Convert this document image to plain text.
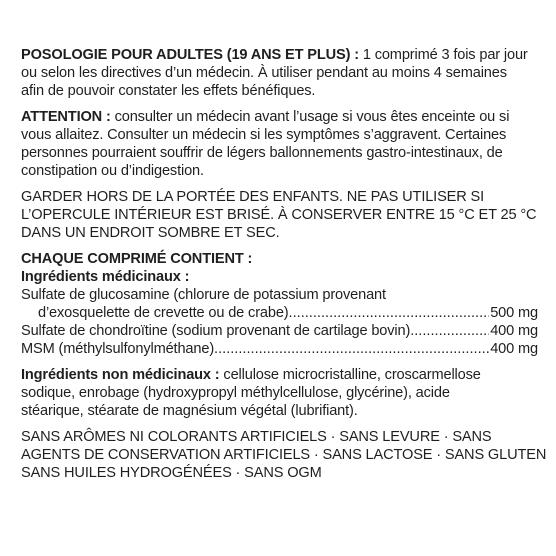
POSOLOGIE POUR ADULTES (19 ANS ET PLUS) : 1 comprimé 3 fois par jour
ou selon les directives d’un médecin. À utiliser pendant au moins 4 semaines
afin de pouvoir constater les effets bénéfiques.
ATTENTION : consulter un médecin avant l’usage si vous êtes enceinte ou si
vous allaitez. Consulter un médecin si les symptômes s’aggravent. Certaines
personnes pourraient souffrir de légers ballonnements gastro-intestinaux, de
constipation ou d’indigestion.
GARDER HORS DE LA PORTÉE DES ENFANTS. NE PAS UTILISER SI
L’OPERCULE INTÉRIEUR EST BRISÉ. À CONSERVER ENTRE 15 °C ET 25 °C
DANS UN ENDROIT SOMBRE ET SEC.
CHAQUE COMPRIMÉ CONTIENT :
Ingrédients médicinaux :
Sulfate de glucosamine (chlorure de potassium provenant
d’exosquelette de crevette ou de crabe) .....	500 mg
Sulfate de chondroïtine (sodium provenant de cartilage bovin) .....	400 mg
MSM (méthylsulfonylméthane) .....	400 mg
Ingrédients non médicinaux : cellulose microcristalline, croscarmellose
sodique, enrobage (hydroxypropyl méthylcellulose, glycérine), acide
stéarique, stéarate de magnésium végétal (lubrifiant).
SANS ARÔMES NI COLORANTS ARTIFICIELS · SANS LEVURE · SANS
AGENTS DE CONSERVATION ARTIFICIELS · SANS LACTOSE · SANS GLUTEN
SANS HUILES HYDROGÉNÉES · SANS OGM
